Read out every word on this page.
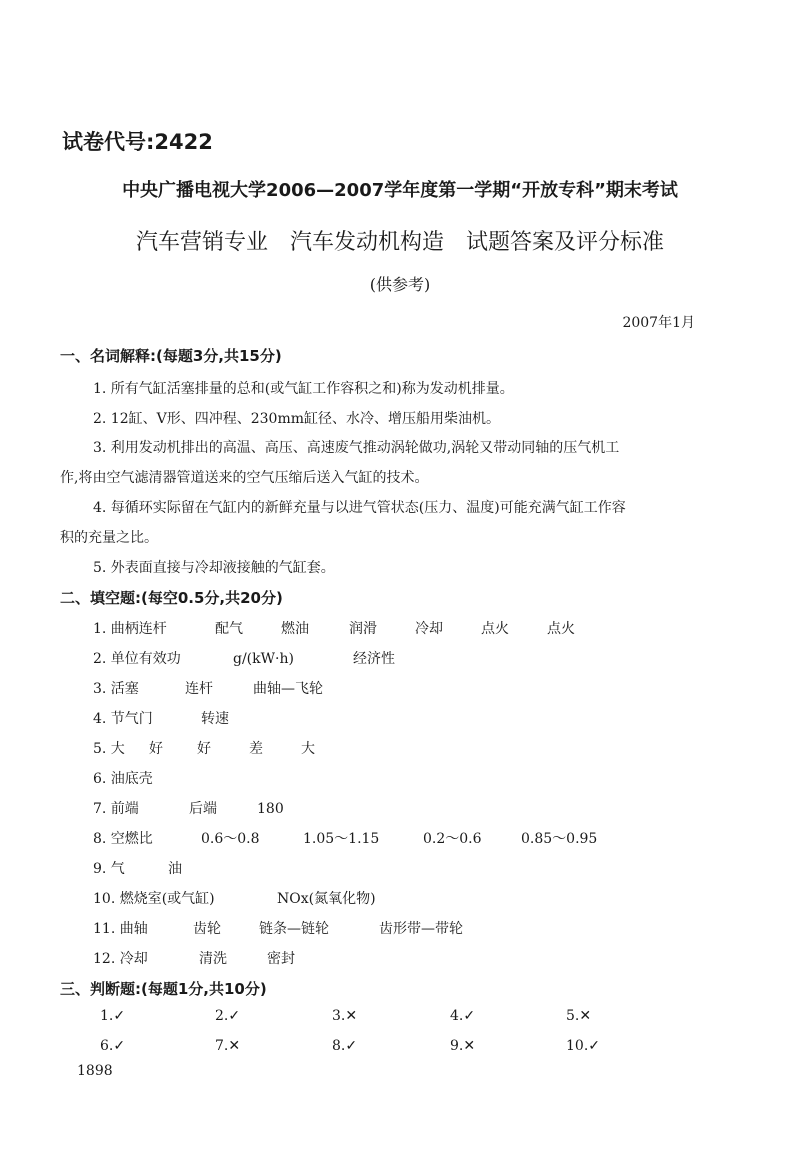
试卷代号:2422
中央广播电视大学2006—2007学年度第一学期“开放专科”期末考试
汽车营销专业　汽车发动机构造　试题答案及评分标准
(供参考)
2007年1月
一、名词解释:(每题3分,共15分)
1. 所有气缸活塞排量的总和(或气缸工作容积之和)称为发动机排量。
2. 12缸、V形、四冲程、230mm缸径、水冷、增压船用柴油机。
3. 利用发动机排出的高温、高压、高速废气推动涡轮做功,涡轮又带动同轴的压气机工
作,将由空气滤清器管道送来的空气压缩后送入气缸的技术。
4. 每循环实际留在气缸内的新鲜充量与以进气管状态(压力、温度)可能充满气缸工作容
积的充量之比。
5. 外表面直接与冷却液接触的气缸套。
二、填空题:(每空0.5分,共20分)
1. 曲柄连杆	配气	燃油	润滑	冷却	点火	点火
2. 单位有效功	g/(kW·h)	经济性
3. 活塞	连杆	曲轴—飞轮
4. 节气门	转速
5. 大 好 好	差	大
6. 油底壳
7. 前端	后端	180
8. 空燃比	0.6～0.8	1.05～1.15	0.2～0.6	0.85～0.95
9. 气	油
10. 燃烧室(或气缸)	NOx(氮氧化物)
11. 曲轴	齿轮	链条—链轮	齿形带—带轮
12. 冷却	清洗	密封
三、判断题:(每题1分,共10分)
1.✓	2.✓	3.✕	4.✓	5.✕
6.✓	7.✕	8.✓	9.✕	10.✓
1898
